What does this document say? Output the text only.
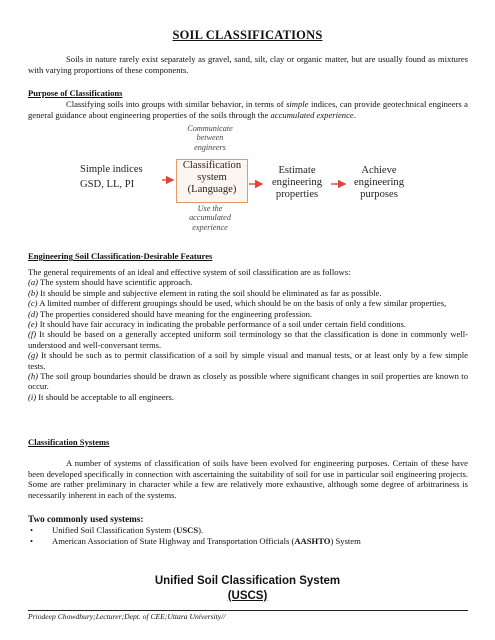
SOIL CLASSIFICATIONS

Soils in nature rarely exist separately as gravel, sand, silt, clay or organic matter, but are usually found as mixtures with varying proportions of these components.

Purpose of Classifications

Classifying soils into groups with similar behavior, in terms of simple indices, can provide geotechnical engineers a general guidance about engineering properties of the soils through the accumulated experience.

Communicate
between
engineers
Simple indices
GSD, LL, PI
Classification
system
(Language)
Use the
accumulated
experience
Estimate
engineering
properties
Achieve
engineering
purposes

Engineering Soil Classification-Desirable Features

The general requirements of an ideal and effective system of soil classification are as follows:
(a) The system should have scientific approach.
(b) It should be simple and subjective element in rating the soil should be eliminated as far as possible.
(c) A limited number of different groupings should be used, which should be on the basis of only a few similar properties,
(d) The properties considered should have meaning for the engineering profession.
(e) It should have fair accuracy in indicating the probable performance of a soil under certain field conditions.
(f) It should be based on a generally accepted uniform soil terminology so that the classification is done in commonly well-understood and well-conversant terms.
(g) It should be such as to permit classification of a soil by simple visual and manual tests, or at least only by a few simple tests.
(h) The soil group boundaries should be drawn as closely as possible where significant changes in soil properties are known to occur.
(i) It should be acceptable to all engineers.

Classification Systems

A number of systems of classification of soils have been evolved for engineering purposes. Certain of these have been developed specifically in connection with ascertaining the suitability of soil for use in particular soil engineering projects. Some are rather preliminary in character while a few are relatively more exhaustive, although some degree of arbitrariness is necessarily inherent in each of the systems.

Two commonly used systems:

•	Unified Soil Classification System (USCS).
•	American Association of State Highway and Transportation Officials (AASHTO) System
Unified Soil Classification System
(USCS)
Priodeep Chowdhury;Lecturer;Dept. of CEE;Uttara University//
